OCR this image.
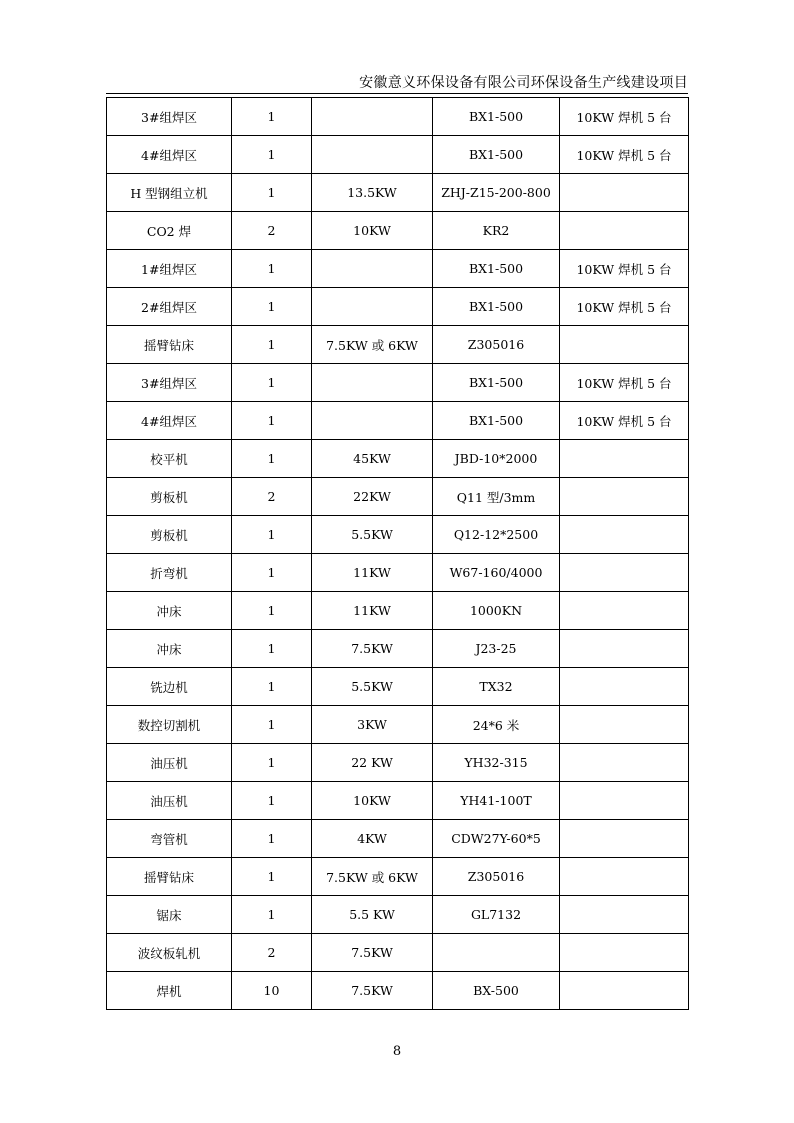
安徽意义环保设备有限公司环保设备生产线建设项目
3#组焊区	1		BX1-500	10KW 焊机 5 台
4#组焊区	1		BX1-500	10KW 焊机 5 台
H 型钢组立机	1	13.5KW	ZHJ-Z15-200-800	
CO2 焊	2	10KW	KR2	
1#组焊区	1		BX1-500	10KW 焊机 5 台
2#组焊区	1		BX1-500	10KW 焊机 5 台
摇臂钻床	1	7.5KW 或 6KW	Z305016	
3#组焊区	1		BX1-500	10KW 焊机 5 台
4#组焊区	1		BX1-500	10KW 焊机 5 台
校平机	1	45KW	JBD-10*2000	
剪板机	2	22KW	Q11 型/3mm	
剪板机	1	5.5KW	Q12-12*2500	
折弯机	1	11KW	W67-160/4000	
冲床	1	11KW	1000KN	
冲床	1	7.5KW	J23-25	
铣边机	1	5.5KW	TX32	
数控切割机	1	3KW	24*6 米	
油压机	1	22 KW	YH32-315	
油压机	1	10KW	YH41-100T	
弯管机	1	4KW	CDW27Y-60*5	
摇臂钻床	1	7.5KW 或 6KW	Z305016	
锯床	1	5.5 KW	GL7132	
波纹板轧机	2	7.5KW		
焊机	10	7.5KW	BX-500	
8
